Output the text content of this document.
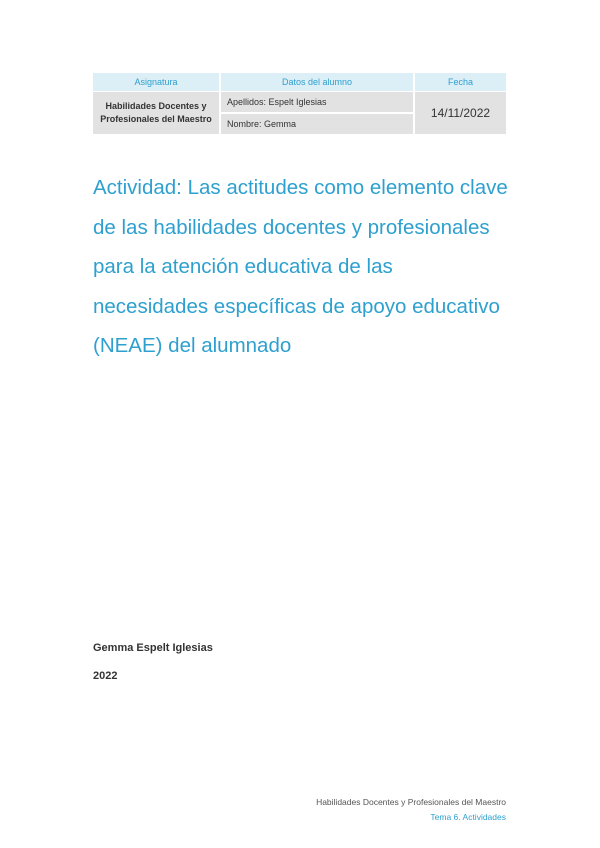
Asignatura	Datos del alumno	Fecha
Habilidades Docentes y Profesionales del Maestro	Apellidos: Espelt Iglesias	14/11/2022
	Nombre: Gemma	
Actividad: Las actitudes como elemento clave de las habilidades docentes y profesionales para la atención educativa de las necesidades específicas de apoyo educativo (NEAE) del alumnado

Gemma Espelt Iglesias

2022

Habilidades Docentes y Profesionales del Maestro

Tema 6. Actividades
